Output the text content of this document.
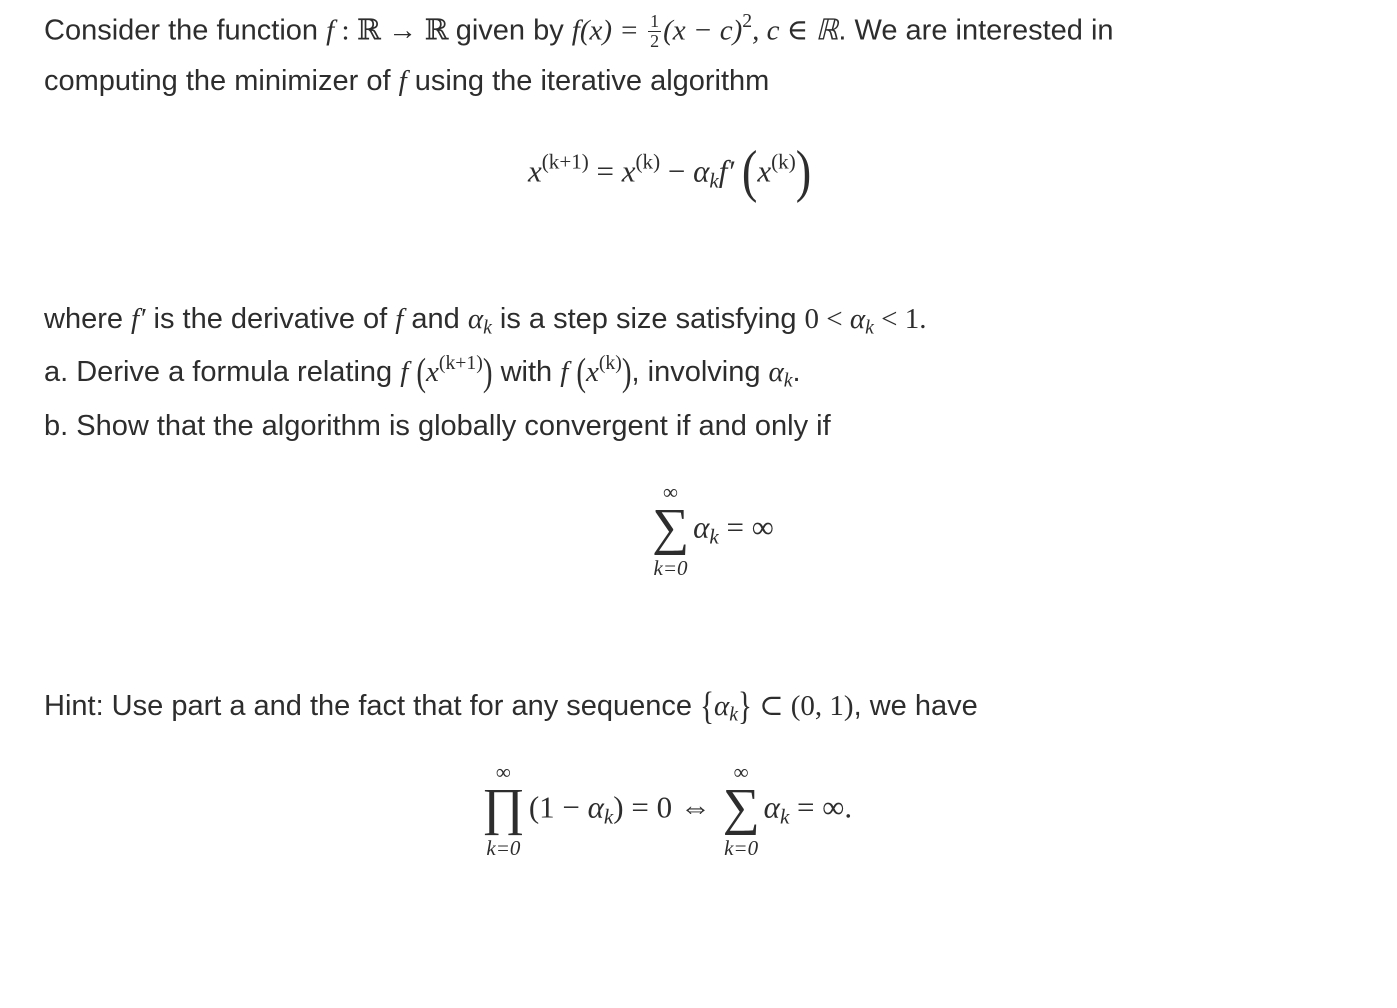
Consider the function f : ℝ → ℝ given by $f(x) = \frac{1}{2} (x - c)^2$, c ∈ ℝ. We are interested in
computing the minimizer of f using the iterative algorithm
$x^{(k+1)} = x^{(k)} - \alpha_kf'$ $(x^{(k)})$
where f′ is the derivative of f and $\alpha_k$ is a step size satisfying $0 < \alpha_k < 1$.
a. Derive a formula relating f $(x^{(k+1)})$ with f $(x^{(k)})$, involving $\alpha_k$.
b. Show that the algorithm is globally convergent if and only if
∞
∑
k=0
$\alpha_k$ = ∞
Hint: Use part a and the fact that for any sequence $\{\alpha_k\}$ ⊂ (0, 1), we have
∞
∏
k=0
$(1 - \alpha_k) = 0$ ⇔
∞
∑
k=0
$\alpha_k$ = ∞.
